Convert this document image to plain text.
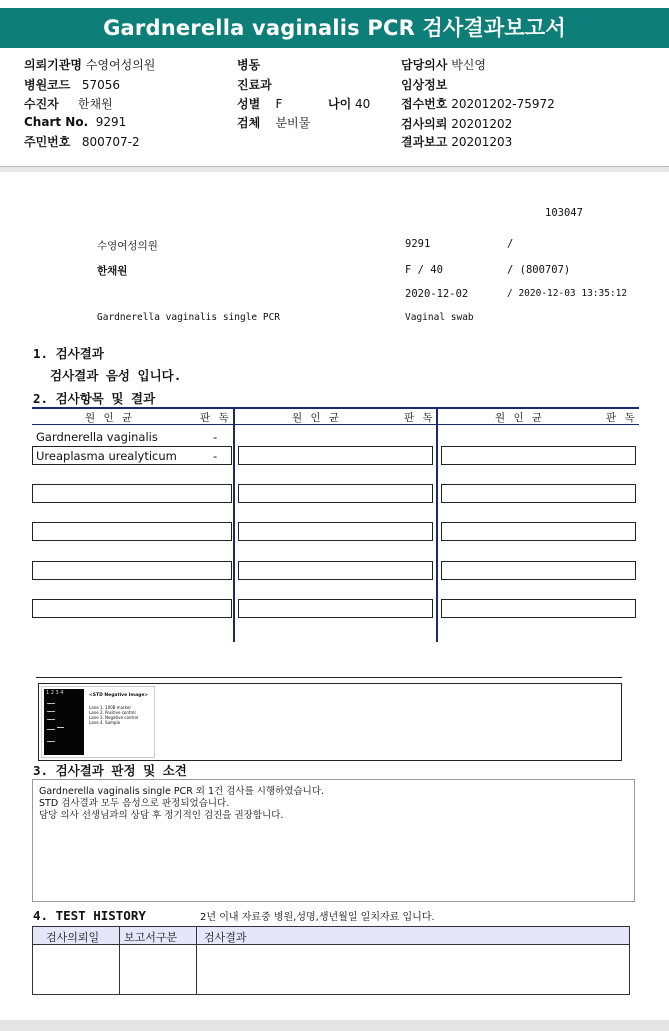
Gardnerella vaginalis PCR 검사결과보고서
의뢰기관명 수영여성의원	병동	담당의사 박신영
병원코드 57056	진료과	임상정보
수진자 한채원	성별 F	나이 40	접수번호 20201202-75972
Chart No. 9291	검체 분비물	검사의뢰 20201202
주민번호 800707-2	결과보고 20201203
103047
수영여성의원	9291	/
한채원	F / 40	/ (800707)
2020-12-02	/ 2020-12-03 13:35:12
Gardnerella vaginalis single PCR	Vaginal swab
1. 검사결과
검사결과 음성 입니다.
2. 검사항목 및 결과
원 인 균	판 독	원 인 균	판 독	원 인 균	판 독
Gardnerella vaginalis	-
Ureaplasma urealyticum	-
1 2 3 4	<STD Negative Image>
Lane 1. 100B marker
Lane 2. Positive control
Lane 3. Negative control
Lane 4. Sample
3. 검사결과 판정 및 소견
Gardnerella vaginalis single PCR 외 1건 검사를 시행하였습니다.
STD 검사결과 모두 음성으로 판정되었습니다.
담당 의사 선생님과의 상담 후 정기적인 검진을 권장합니다.
4. TEST HISTORY	2년 이내 자료중 병원,성명,생년월일 일치자료 입니다.
검사의뢰일 보고서구분 검사결과
